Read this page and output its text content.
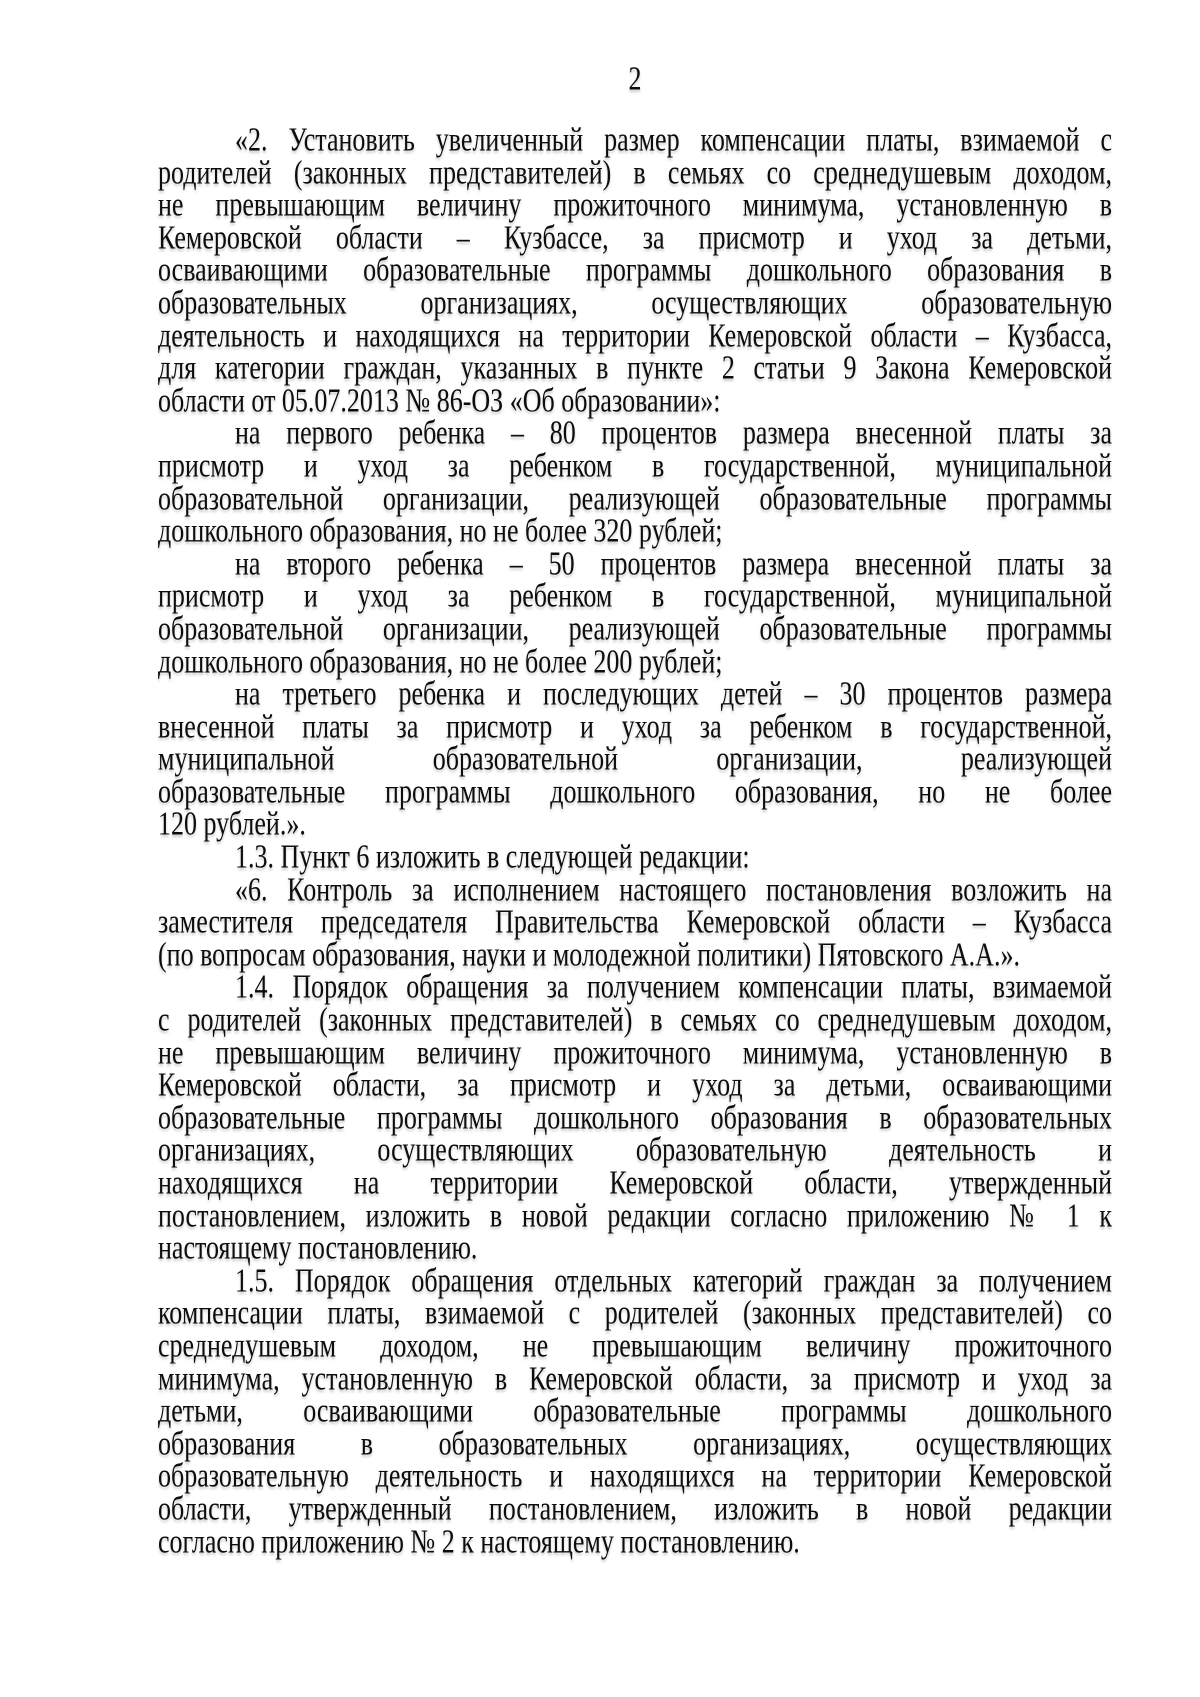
2
«2. Установить увеличенный размер компенсации платы, взимаемой с
родителей (законных представителей) в семьях со среднедушевым доходом,
не превышающим величину прожиточного минимума, установленную в
Кемеровской области – Кузбассе, за присмотр и уход за детьми,
осваивающими образовательные программы дошкольного образования в
образовательных организациях, осуществляющих образовательную
деятельность и находящихся на территории Кемеровской области – Кузбасса,
для категории граждан, указанных в пункте 2 статьи 9 Закона Кемеровской
области от 05.07.2013 № 86-ОЗ «Об образовании»:
на первого ребенка – 80 процентов размера внесенной платы за
присмотр и уход за ребенком в государственной, муниципальной
образовательной организации, реализующей образовательные программы
дошкольного образования, но не более 320 рублей;
на второго ребенка – 50 процентов размера внесенной платы за
присмотр и уход за ребенком в государственной, муниципальной
образовательной организации, реализующей образовательные программы
дошкольного образования, но не более 200 рублей;
на третьего ребенка и последующих детей – 30 процентов размера
внесенной платы за присмотр и уход за ребенком в государственной,
муниципальной образовательной организации, реализующей
образовательные программы дошкольного образования, но не более
120 рублей.».
1.3. Пункт 6 изложить в следующей редакции:
«6. Контроль за исполнением настоящего постановления возложить на
заместителя председателя Правительства Кемеровской области – Кузбасса
(по вопросам образования, науки и молодежной политики) Пятовского А.А.».
1.4. Порядок обращения за получением компенсации платы, взимаемой
с родителей (законных представителей) в семьях со среднедушевым доходом,
не превышающим величину прожиточного минимума, установленную в
Кемеровской области, за присмотр и уход за детьми, осваивающими
образовательные программы дошкольного образования в образовательных
организациях, осуществляющих образовательную деятельность и
находящихся на территории Кемеровской области, утвержденный
постановлением, изложить в новой редакции согласно приложению № 1 к
настоящему постановлению.
1.5. Порядок обращения отдельных категорий граждан за получением
компенсации платы, взимаемой с родителей (законных представителей) со
среднедушевым доходом, не превышающим величину прожиточного
минимума, установленную в Кемеровской области, за присмотр и уход за
детьми, осваивающими образовательные программы дошкольного
образования в образовательных организациях, осуществляющих
образовательную деятельность и находящихся на территории Кемеровской
области, утвержденный постановлением, изложить в новой редакции
согласно приложению № 2 к настоящему постановлению.
